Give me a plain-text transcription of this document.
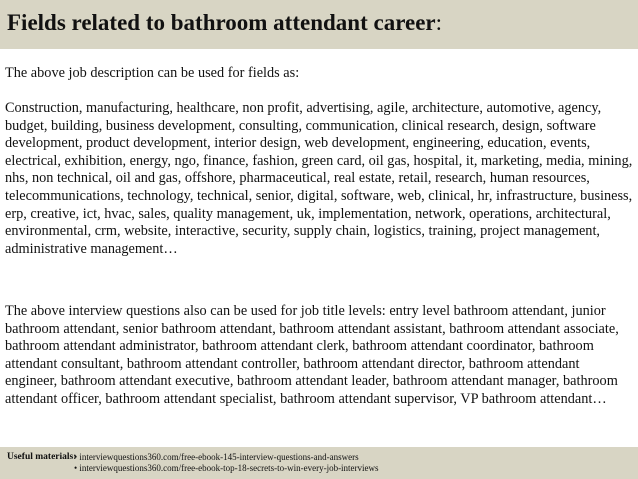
Fields related to bathroom attendant career:
The above job description can be used for fields as:
Construction, manufacturing, healthcare, non profit, advertising, agile, architecture, automotive, agency, budget, building, business development, consulting, communication, clinical research, design, software development, product development, interior design, web development, engineering, education, events, electrical, exhibition, energy, ngo, finance, fashion, green card, oil gas, hospital, it, marketing, media, mining, nhs, non technical, oil and gas, offshore, pharmaceutical, real estate, retail, research, human resources, telecommunications, technology, technical, senior, digital, software, web, clinical, hr, infrastructure, business, erp, creative, ict, hvac, sales, quality management, uk, implementation, network, operations, architectural, environmental, crm, website, interactive, security, supply chain, logistics, training, project management, administrative management…
The above interview questions also can be used for job title levels: entry level bathroom attendant, junior bathroom attendant, senior bathroom attendant, bathroom attendant assistant, bathroom attendant associate, bathroom attendant administrator, bathroom attendant clerk, bathroom attendant coordinator, bathroom attendant consultant, bathroom attendant controller, bathroom attendant director, bathroom attendant engineer, bathroom attendant executive, bathroom attendant leader, bathroom attendant manager, bathroom attendant officer, bathroom attendant specialist, bathroom attendant supervisor, VP bathroom attendant…
Useful materials:
• interviewquestions360.com/free-ebook-145-interview-questions-and-answers
• interviewquestions360.com/free-ebook-top-18-secrets-to-win-every-job-interviews
